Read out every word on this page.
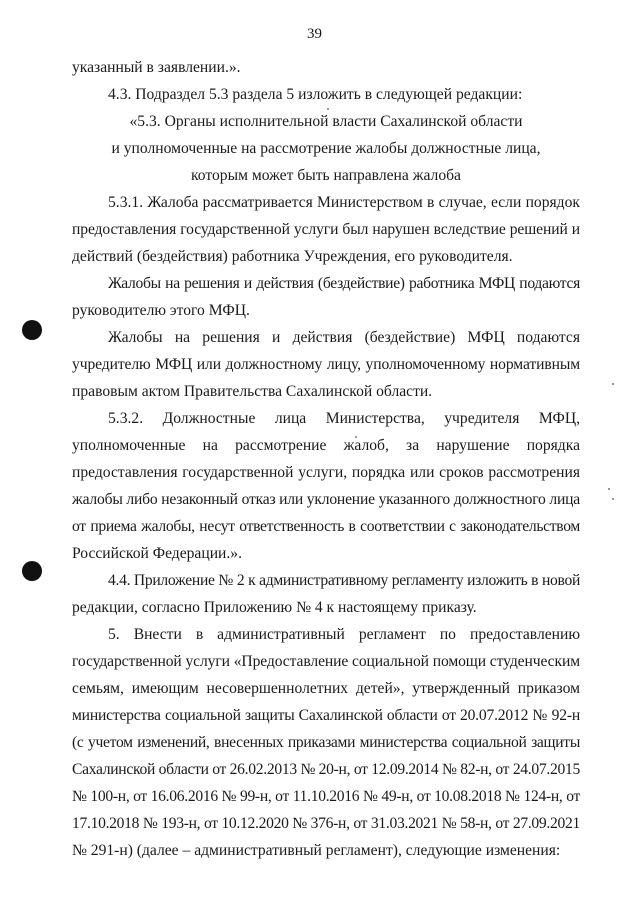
39
указанный в заявлении.».
4.3. Подраздел 5.3 раздела 5 изложить в следующей редакции:
«5.3. Органы исполнительной власти Сахалинской области
и уполномоченные на рассмотрение жалобы должностные лица,
которым может быть направлена жалоба
5.3.1. Жалоба рассматривается Министерством в случае, если порядок
предоставления государственной услуги был нарушен вследствие решений и
действий (бездействия) работника Учреждения, его руководителя.
Жалобы на решения и действия (бездействие) работника МФЦ подаются
руководителю этого МФЦ.
Жалобы на решения и действия (бездействие) МФЦ подаются
учредителю МФЦ или должностному лицу, уполномоченному нормативным
правовым актом Правительства Сахалинской области.
5.3.2. Должностные лица Министерства, учредителя МФЦ,
уполномоченные на рассмотрение жалоб, за нарушение порядка
предоставления государственной услуги, порядка или сроков рассмотрения
жалобы либо незаконный отказ или уклонение указанного должностного лица
от приема жалобы, несут ответственность в соответствии с законодательством
Российской Федерации.».
4.4. Приложение № 2 к административному регламенту изложить в новой
редакции, согласно Приложению № 4 к настоящему приказу.
5. Внести в административный регламент по предоставлению
государственной услуги «Предоставление социальной помощи студенческим
семьям, имеющим несовершеннолетних детей», утвержденный приказом
министерства социальной защиты Сахалинской области от 20.07.2012 № 92-н
(с учетом изменений, внесенных приказами министерства социальной защиты
Сахалинской области от 26.02.2013 № 20-н, от 12.09.2014 № 82-н, от 24.07.2015
№ 100-н, от 16.06.2016 № 99-н, от 11.10.2016 № 49-н, от 10.08.2018 № 124-н, от
17.10.2018 № 193-н, от 10.12.2020 № 376-н, от 31.03.2021 № 58-н, от 27.09.2021
№ 291-н) (далее – административный регламент), следующие изменения:
